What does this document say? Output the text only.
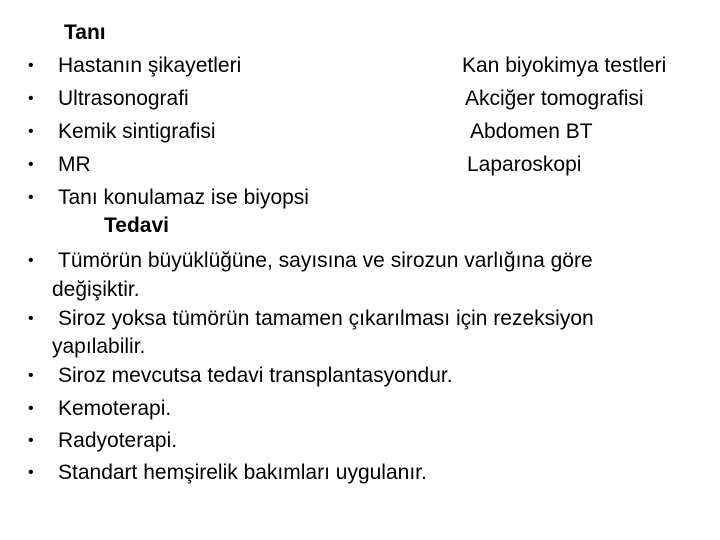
Tanı
• Hastanın şikayetleri
• Ultrasonografi
• Kemik sintigrafisi
• MR
• Tanı konulamaz ise biyopsi
Kan biyokimya testleri
Akciğer tomografisi
Abdomen BT
Laparoskopi
Tedavi
• Tümörün büyüklüğüne, sayısına ve sirozun varlığına göre
değişiktir.
• Siroz yoksa tümörün tamamen çıkarılması için rezeksiyon
yapılabilir.
• Siroz mevcutsa tedavi transplantasyondur.
• Kemoterapi.
• Radyoterapi.
• Standart hemşirelik bakımları uygulanır.
